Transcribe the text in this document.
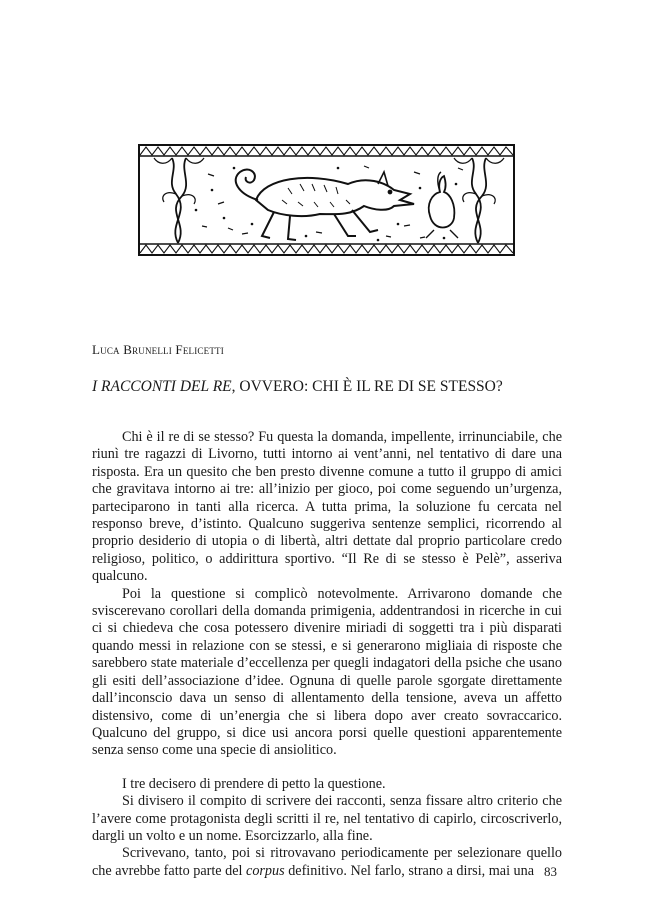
Luca Brunelli Felicetti
I RACCONTI DEL RE, OVVERO: CHI È IL RE DI SE STESSO?

Chi è il re di se stesso? Fu questa la domanda, impellente, irrinunciabile, che riunì tre ragazzi di Livorno, tutti intorno ai vent’anni, nel tentativo di dare una risposta. Era un quesito che ben presto divenne comune a tutto il gruppo di amici che gravitava intorno ai tre: all’inizio per gioco, poi come seguendo un’urgenza, parteciparono in tanti alla ricerca. A tutta prima, la soluzione fu cercata nel responso breve, d’istinto. Qualcuno suggeriva sentenze semplici, ricorrendo al proprio desiderio di utopia o di libertà, altri dettate dal proprio particolare credo religioso, politico, o addirittura sportivo. “Il Re di se stesso è Pelè”, asseriva qualcuno.

Poi la questione si complicò notevolmente. Arrivarono domande che sviscerevano corollari della domanda primigenia, addentrandosi in ricerche in cui ci si chiedeva che cosa potessero divenire miriadi di soggetti tra i più disparati quando messi in relazione con se stessi, e si generarono migliaia di risposte che sarebbero state materiale d’eccellenza per quegli indagatori della psiche che usano gli esiti dell’associazione d’idee. Ognuna di quelle parole sgorgate direttamente dall’inconscio dava un senso di allentamento della tensione, aveva un affetto distensivo, come di un’energia che si libera dopo aver creato sovraccarico. Qualcuno del gruppo, si dice usi ancora porsi quelle questioni apparentemente senza senso come una specie di ansiolitico.

I tre decisero di prendere di petto la questione.

Si divisero il compito di scrivere dei racconti, senza fissare altro criterio che l’avere come protagonista degli scritti il re, nel tentativo di capirlo, circoscriverlo, dargli un volto e un nome. Esorcizzarlo, alla fine.

Scrivevano, tanto, poi si ritrovavano periodicamente per selezionare quello che avrebbe fatto parte del corpus definitivo. Nel farlo, strano a dirsi, mai una 83
